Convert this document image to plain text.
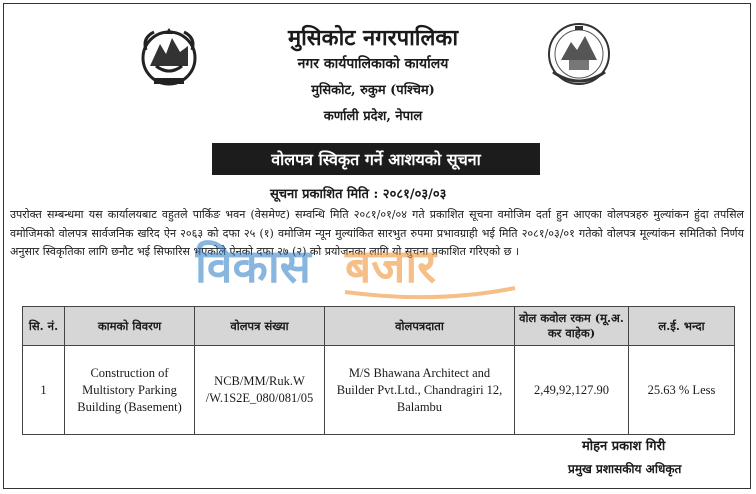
मुसिकोट नगरपालिका
नगर कार्यपालिकाको कार्यालय
मुसिकोट, रुकुम (पश्चिम)
कर्णाली प्रदेश, नेपाल
वोलपत्र स्विकृत गर्ने आशयको सूचना
सूचना प्रकाशित मिति : २०८१/०३/०३
उपरोक्त सम्बन्धमा यस कार्यालयबाट वहुतले पार्किङ भवन (वेसमेण्ट) सम्वन्धि मिति २०८१/०१/०४ गते प्रकाशित सूचना वमोजिम दर्ता हुन आएका वोलपत्रहरु मुल्यांकन हुंदा तपसिल वमोजिमको वोलपत्र सार्वजनिक खरिद ऐन २०६३ को दफा २५ (१) वमोजिम न्यून मुल्यांकित सारभुत रुपमा प्रभावग्राही भई मिति २०८१/०३/०१ गतेको वोलपत्र मूल्यांकन समितिको निर्णय अनुसार स्विकृतिका लागि छनौट भई सिफारिस भएकोले ऐनको दफा २७ (२) को प्रयोजनका लागि यो सुचना प्रकाशित गरिएको छ ।
विकास बजार
सि. नं.	कामको विवरण	वोलपत्र संख्या	वोलपत्रदाता	वोल कवोल रकम (मू.अ. कर वाहेक)	ल.ई. भन्दा
1	Construction of Multistory Parking Building (Basement)	NCB/MM/Ruk.W /W.1S2E_080/081/05	M/S Bhawana Architect and Builder Pvt.Ltd., Chandragiri 12, Balambu	2,49,92,127.90	25.63 % Less
मोहन प्रकाश गिरी
प्रमुख प्रशासकीय अधिकृत
